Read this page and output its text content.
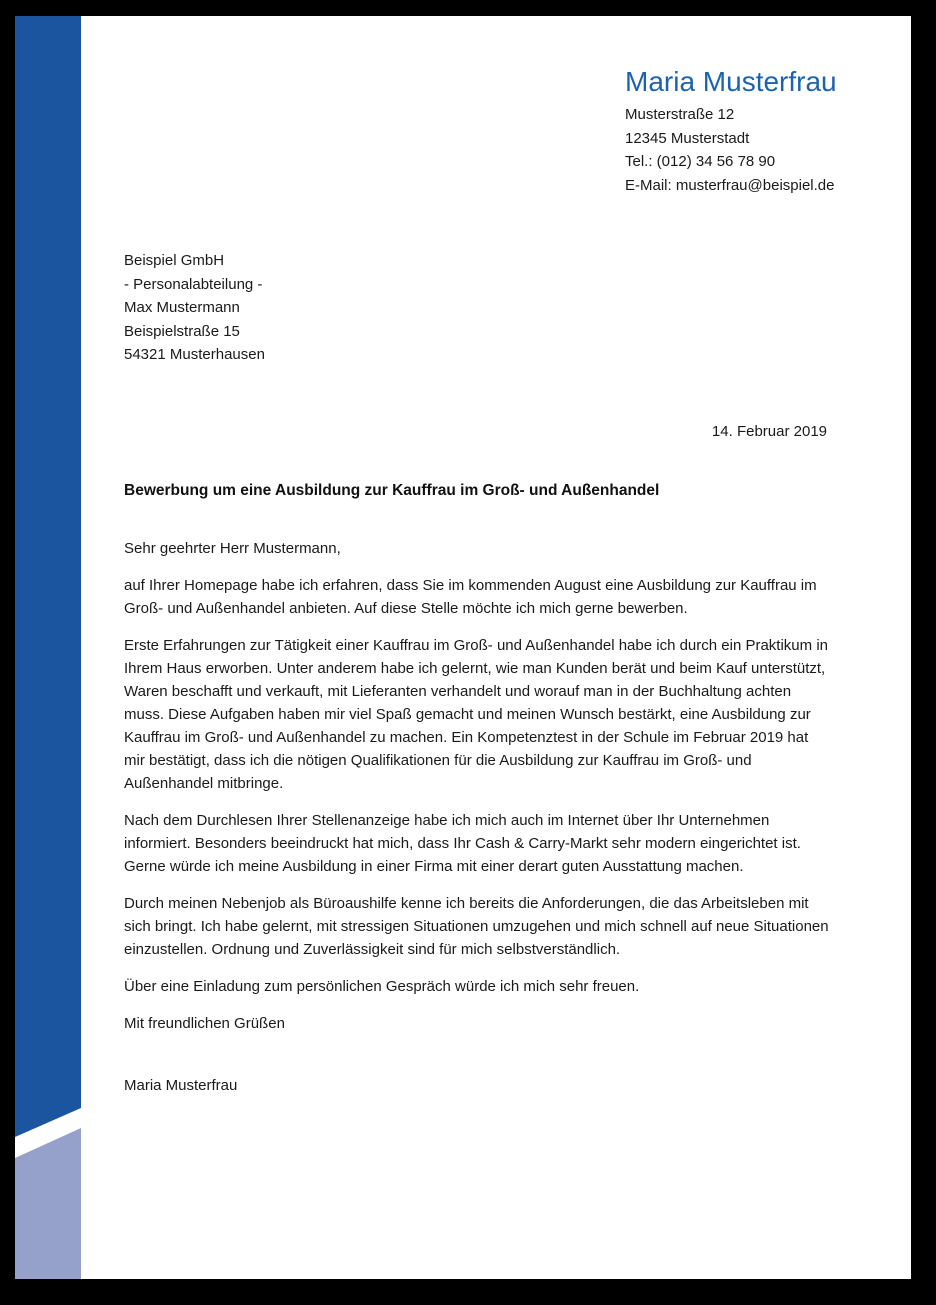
Maria Musterfrau
Musterstraße 12
12345 Musterstadt
Tel.: (012) 34 56 78 90
E-Mail: musterfrau@beispiel.de
Beispiel GmbH
- Personalabteilung -
Max Mustermann
Beispielstraße 15
54321 Musterhausen
14. Februar 2019
Bewerbung um eine Ausbildung zur Kauffrau im Groß- und Außenhandel

Sehr geehrter Herr Mustermann,

auf Ihrer Homepage habe ich erfahren, dass Sie im kommenden August eine Ausbildung zur Kauffrau im Groß- und Außenhandel anbieten. Auf diese Stelle möchte ich mich gerne bewerben.

Erste Erfahrungen zur Tätigkeit einer Kauffrau im Groß- und Außenhandel habe ich durch ein Praktikum in Ihrem Haus erworben. Unter anderem habe ich gelernt, wie man Kunden berät und beim Kauf unterstützt, Waren beschafft und verkauft, mit Lieferanten verhandelt und worauf man in der Buchhaltung achten muss. Diese Aufgaben haben mir viel Spaß gemacht und meinen Wunsch bestärkt, eine Ausbildung zur Kauffrau im Groß- und Außenhandel zu machen. Ein Kompetenztest in der Schule im Februar 2019 hat mir bestätigt, dass ich die nötigen Qualifikationen für die Ausbildung zur Kauffrau im Groß- und Außenhandel mitbringe.

Nach dem Durchlesen Ihrer Stellenanzeige habe ich mich auch im Internet über Ihr Unternehmen informiert. Besonders beeindruckt hat mich, dass Ihr Cash & Carry-Markt sehr modern eingerichtet ist. Gerne würde ich meine Ausbildung in einer Firma mit einer derart guten Ausstattung machen.

Durch meinen Nebenjob als Büroaushilfe kenne ich bereits die Anforderungen, die das Arbeitsleben mit sich bringt. Ich habe gelernt, mit stressigen Situationen umzugehen und mich schnell auf neue Situationen einzustellen. Ordnung und Zuverlässigkeit sind für mich selbstverständlich.

Über eine Einladung zum persönlichen Gespräch würde ich mich sehr freuen.

Mit freundlichen Grüßen

Maria Musterfrau
